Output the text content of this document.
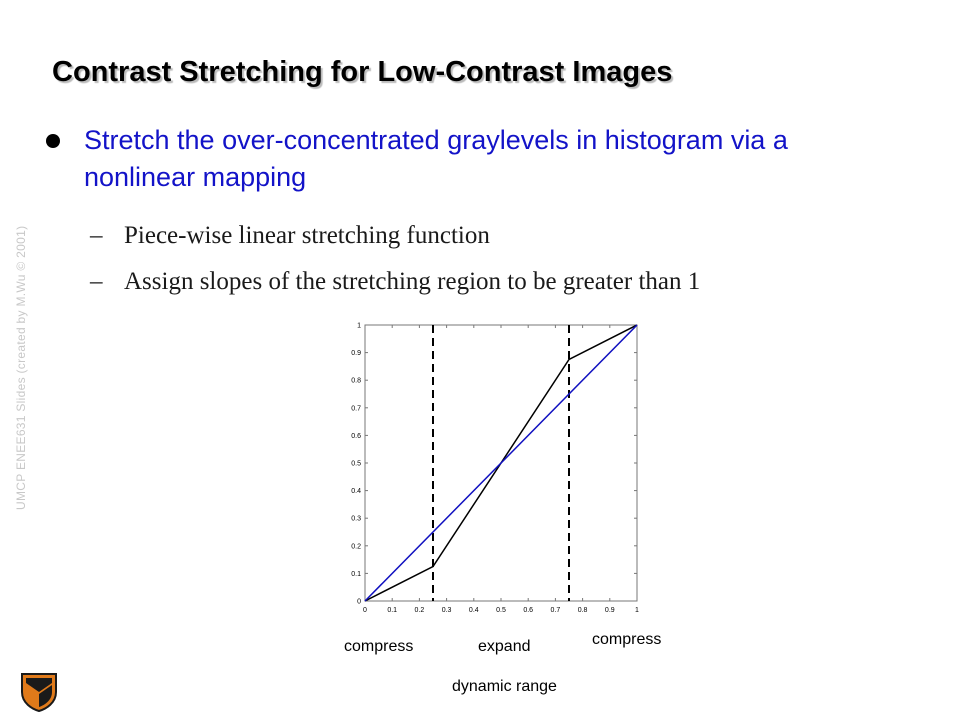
UMCP ENEE631 Slides (created by M.Wu © 2001)
Contrast Stretching for Low-Contrast Images
Stretch the over-concentrated graylevels in histogram via a nonlinear mapping
– Piece-wise linear stretching function
– Assign slopes of the stretching region to be greater than 1
0	0.1 0.2 0.3 0.4 0.5 0.6 0.7 0.8 0.9	1
0
0.1
0.2
0.3
0.4
0.5
0.6
0.7
0.8
0.9
1
compress	expand	compress
dynamic range
